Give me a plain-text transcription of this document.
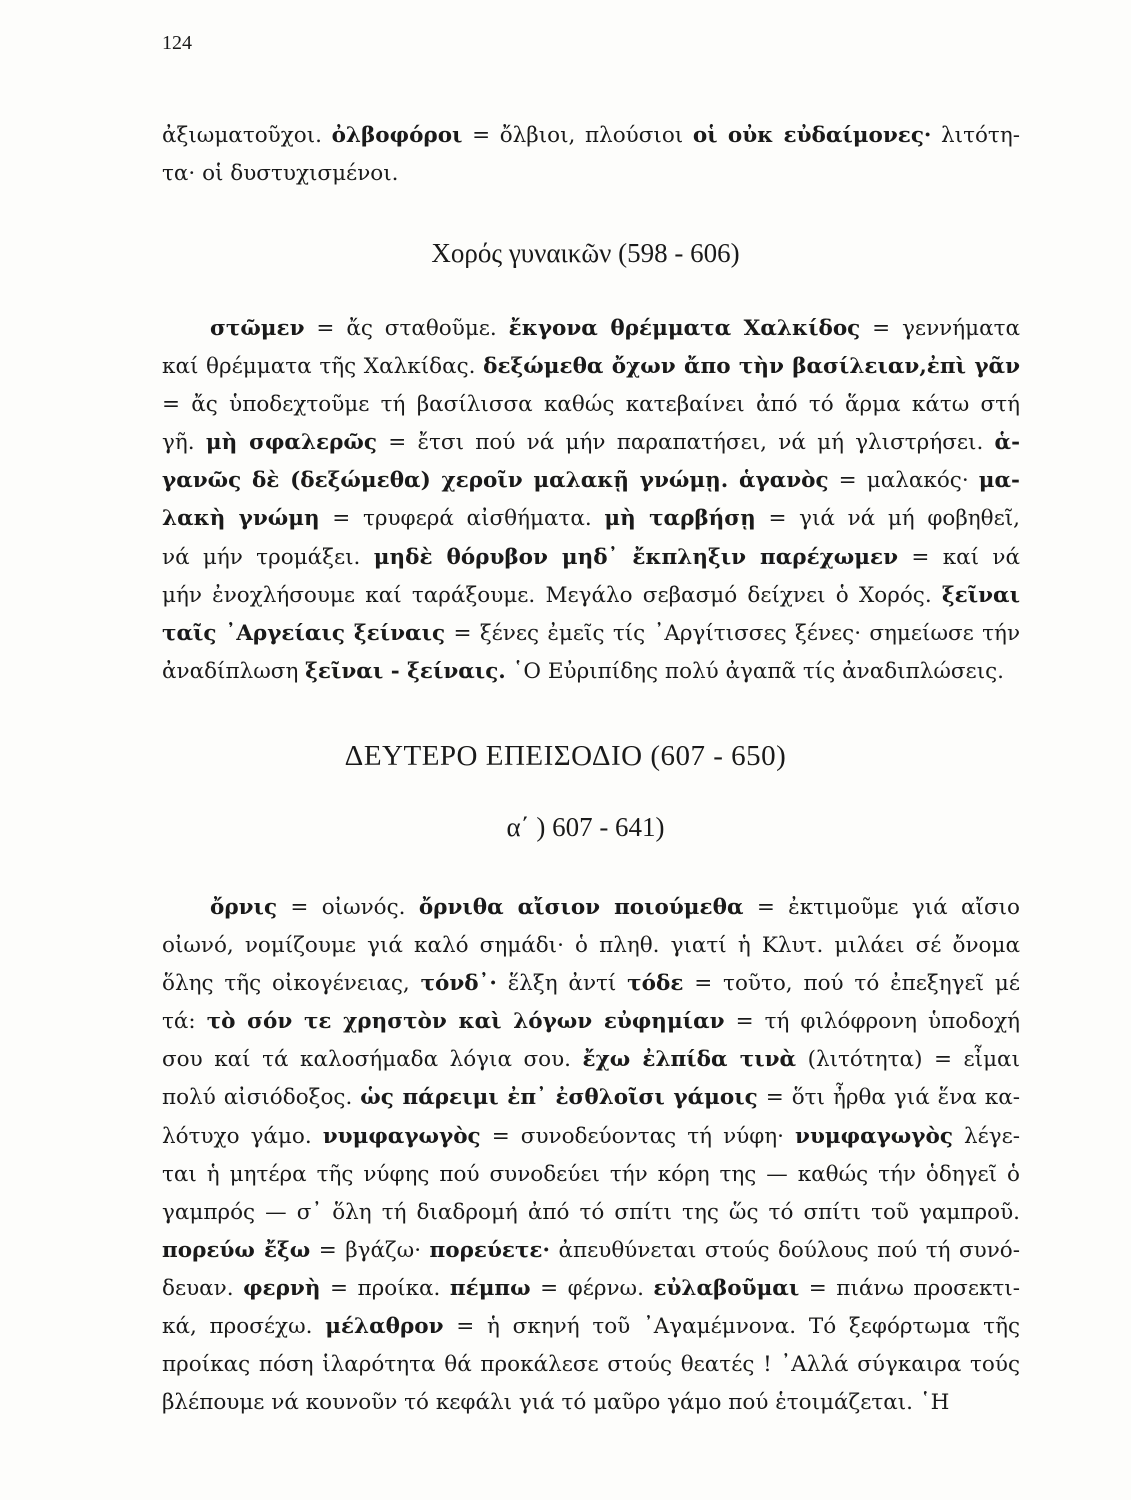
124
ἀξιωματοῦχοι. ὀλβοφόροι = ὄλβιοι, πλούσιοι οἱ οὐκ εὐδαίμονες· λιτότη-
τα· οἱ δυστυχισμένοι.
Χορός γυναικῶν (598 - 606)
στῶμεν = ἄς σταθοῦμε. ἔκγονα θρέμματα Χαλκίδος = γεννήματα
καί θρέμματα τῆς Χαλκίδας. δεξώμεθα ὄχων ἄπο τὴν βασίλειαν,ἐπὶ γᾶν
= ἄς ὑποδεχτοῦμε τή βασίλισσα καθώς κατεβαίνει ἀπό τό ἅρμα κάτω στή
γῆ. μὴ σφαλερῶς = ἔτσι πού νά μήν παραπατήσει, νά μή γλιστρήσει. ἁ-
γανῶς δὲ (δεξώμεθα) χεροῖν μαλακῇ γνώμῃ. ἁγανὸς = μαλακός· μα-
λακὴ γνώμη = τρυφερά αἰσθήματα. μὴ ταρβήσῃ = γιά νά μή φοβηθεῖ,
νά μήν τρομάξει. μηδὲ θόρυβον μηδ᾽ ἔκπληξιν παρέχωμεν = καί νά
μήν ἐνοχλήσουμε καί ταράξουμε. Μεγάλο σεβασμό δείχνει ὁ Χορός. ξεῖναι
ταῖς ᾽Αργείαις ξείναις = ξένες ἐμεῖς τίς ᾽Αργίτισσες ξένες· σημείωσε τήν
ἀναδίπλωση ξεῖναι - ξείναις. ῾Ο Εὐριπίδης πολύ ἀγαπᾶ τίς ἀναδιπλώσεις.
ΔΕΥΤΕΡΟ ΕΠΕΙΣΟΔΙΟ (607 - 650)
α΄ ) 607 - 641)
ὄρνις = οἰωνός. ὄρνιθα αἴσιον ποιούμεθα = ἐκτιμοῦμε γιά αἴσιο
οἰωνό, νομίζουμε γιά καλό σημάδι· ὁ πληθ. γιατί ἡ Κλυτ. μιλάει σέ ὄνομα
ὅλης τῆς οἰκογένειας, τόνδ᾽· ἕλξη ἀντί τόδε = τοῦτο, πού τό ἐπεξηγεῖ μέ
τά: τὸ σόν τε χρηστὸν καὶ λόγων εὐφημίαν = τή φιλόφρονη ὑποδοχή
σου καί τά καλοσήμαδα λόγια σου. ἔχω ἐλπίδα τινὰ (λιτότητα) = εἶμαι
πολύ αἰσιόδοξος. ὡς πάρειμι ἐπ᾽ ἐσθλοῖσι γάμοις = ὅτι ἦρθα γιά ἕνα κα-
λότυχο γάμο. νυμφαγωγὸς = συνοδεύοντας τή νύφη· νυμφαγωγὸς λέγε-
ται ἡ μητέρα τῆς νύφης πού συνοδεύει τήν κόρη της — καθώς τήν ὁδηγεῖ ὁ
γαμπρός — σ᾽ ὅλη τή διαδρομή ἀπό τό σπίτι της ὥς τό σπίτι τοῦ γαμπροῦ.
πορεύω ἔξω = βγάζω· πορεύετε· ἀπευθύνεται στούς δούλους πού τή συνό-
δευαν. φερνὴ = προίκα. πέμπω = φέρνω. εὐλαβοῦμαι = πιάνω προσεκτι-
κά, προσέχω. μέλαθρον = ἡ σκηνή τοῦ ᾽Αγαμέμνονα. Τό ξεφόρτωμα τῆς
προίκας πόση ἱλαρότητα θά προκάλεσε στούς θεατές ! ᾽Αλλά σύγκαιρα τούς
βλέπουμε νά κουνοῦν τό κεφάλι γιά τό μαῦρο γάμο πού ἑτοιμάζεται. ῾Η
